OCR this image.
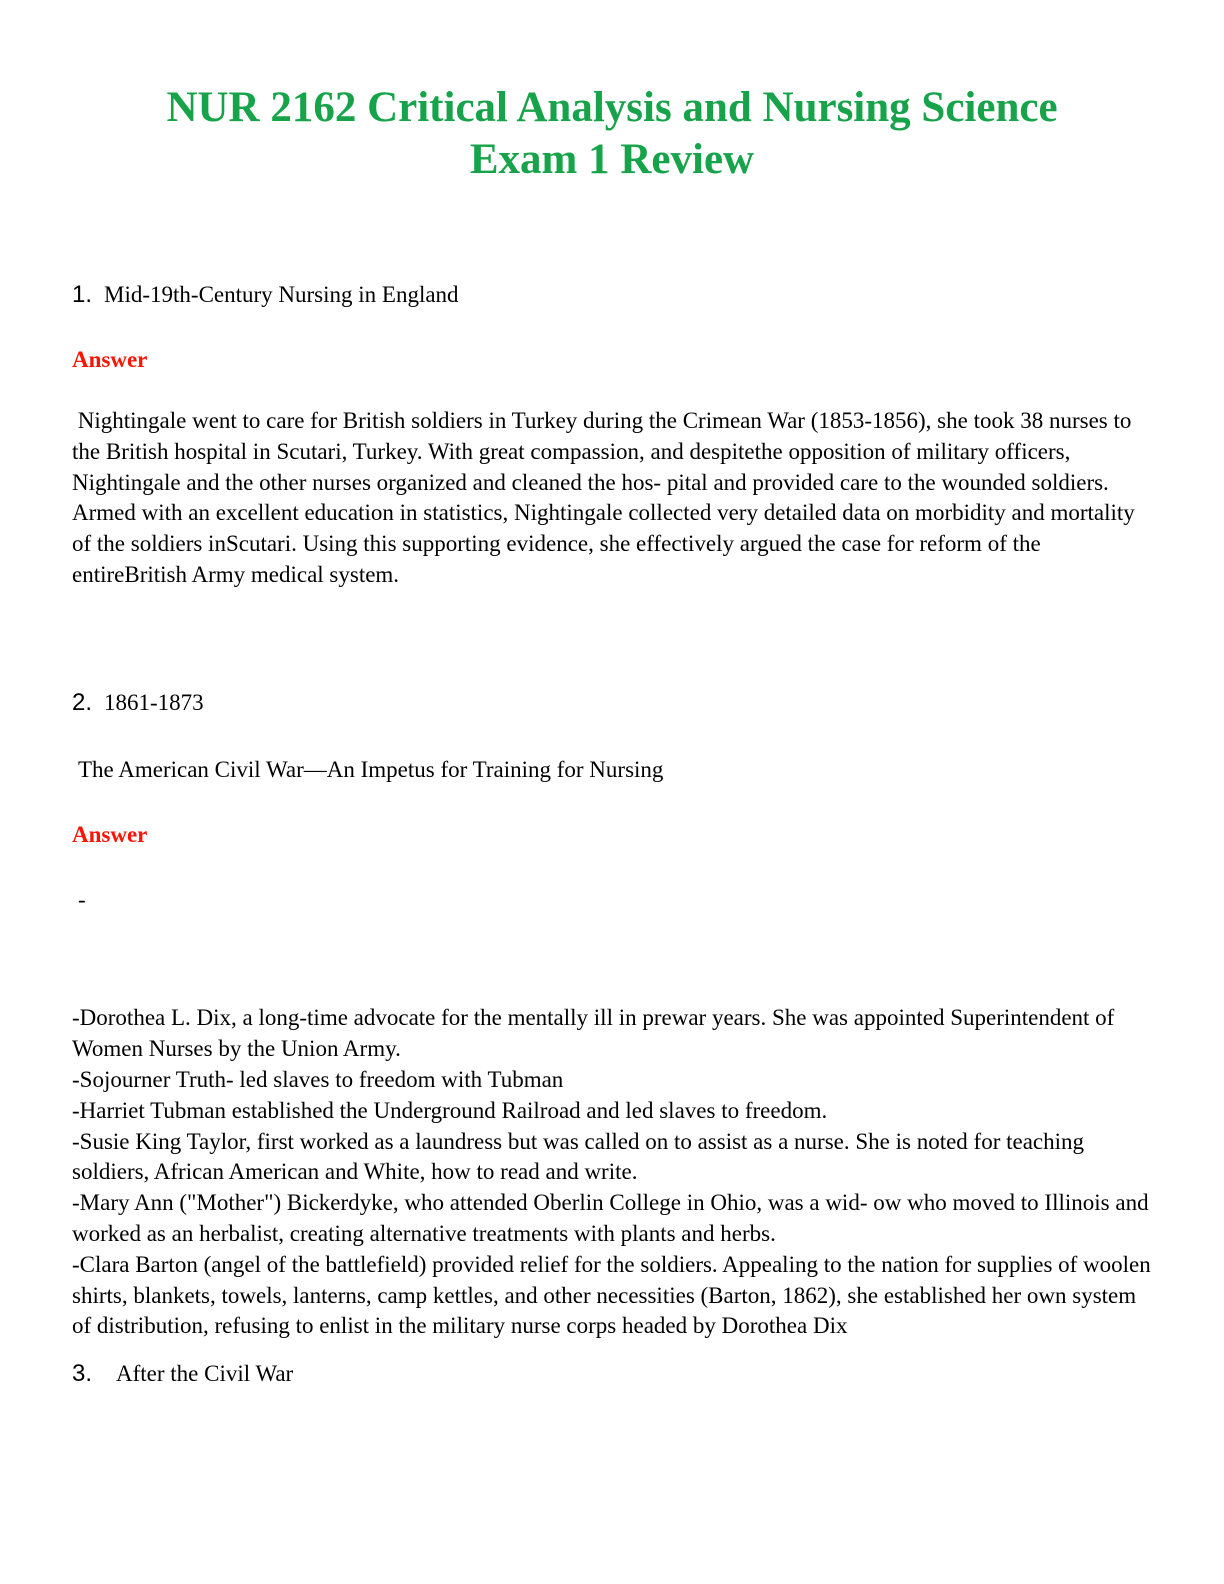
NUR 2162 Critical Analysis and Nursing Science Exam 1 Review
1. Mid-19th-Century Nursing in England

Answer

Nightingale went to care for British soldiers in Turkey during the Crimean War (1853-1856), she took 38 nurses to the British hospital in Scutari, Turkey. With great compassion, and despitethe opposition of military officers, Nightingale and the other nurses organized and cleaned the hos- pital and provided care to the wounded soldiers. Armed with an excellent education in statistics, Nightingale collected very detailed data on morbidity and mortality of the soldiers inScutari. Using this supporting evidence, she effectively argued the case for reform of the entireBritish Army medical system.

2. 1861-1873

The American Civil War—An Impetus for Training for Nursing

Answer

-

-Dorothea L. Dix, a long-time advocate for the mentally ill in prewar years. She was appointed Superintendent of Women Nurses by the Union Army.

-Sojourner Truth- led slaves to freedom with Tubman

-Harriet Tubman established the Underground Railroad and led slaves to freedom.

-Susie King Taylor, first worked as a laundress but was called on to assist as a nurse. She is noted for teaching soldiers, African American and White, how to read and write.

-Mary Ann ("Mother") Bickerdyke, who attended Oberlin College in Ohio, was a wid- ow who moved to Illinois and worked as an herbalist, creating alternative treatments with plants and herbs.

-Clara Barton (angel of the battlefield) provided relief for the soldiers. Appealing to the nation for supplies of woolen shirts, blankets, towels, lanterns, camp kettles, and other necessities (Barton, 1862), she established her own system of distribution, refusing to enlist in the military nurse corps headed by Dorothea Dix

3. After the Civil War
